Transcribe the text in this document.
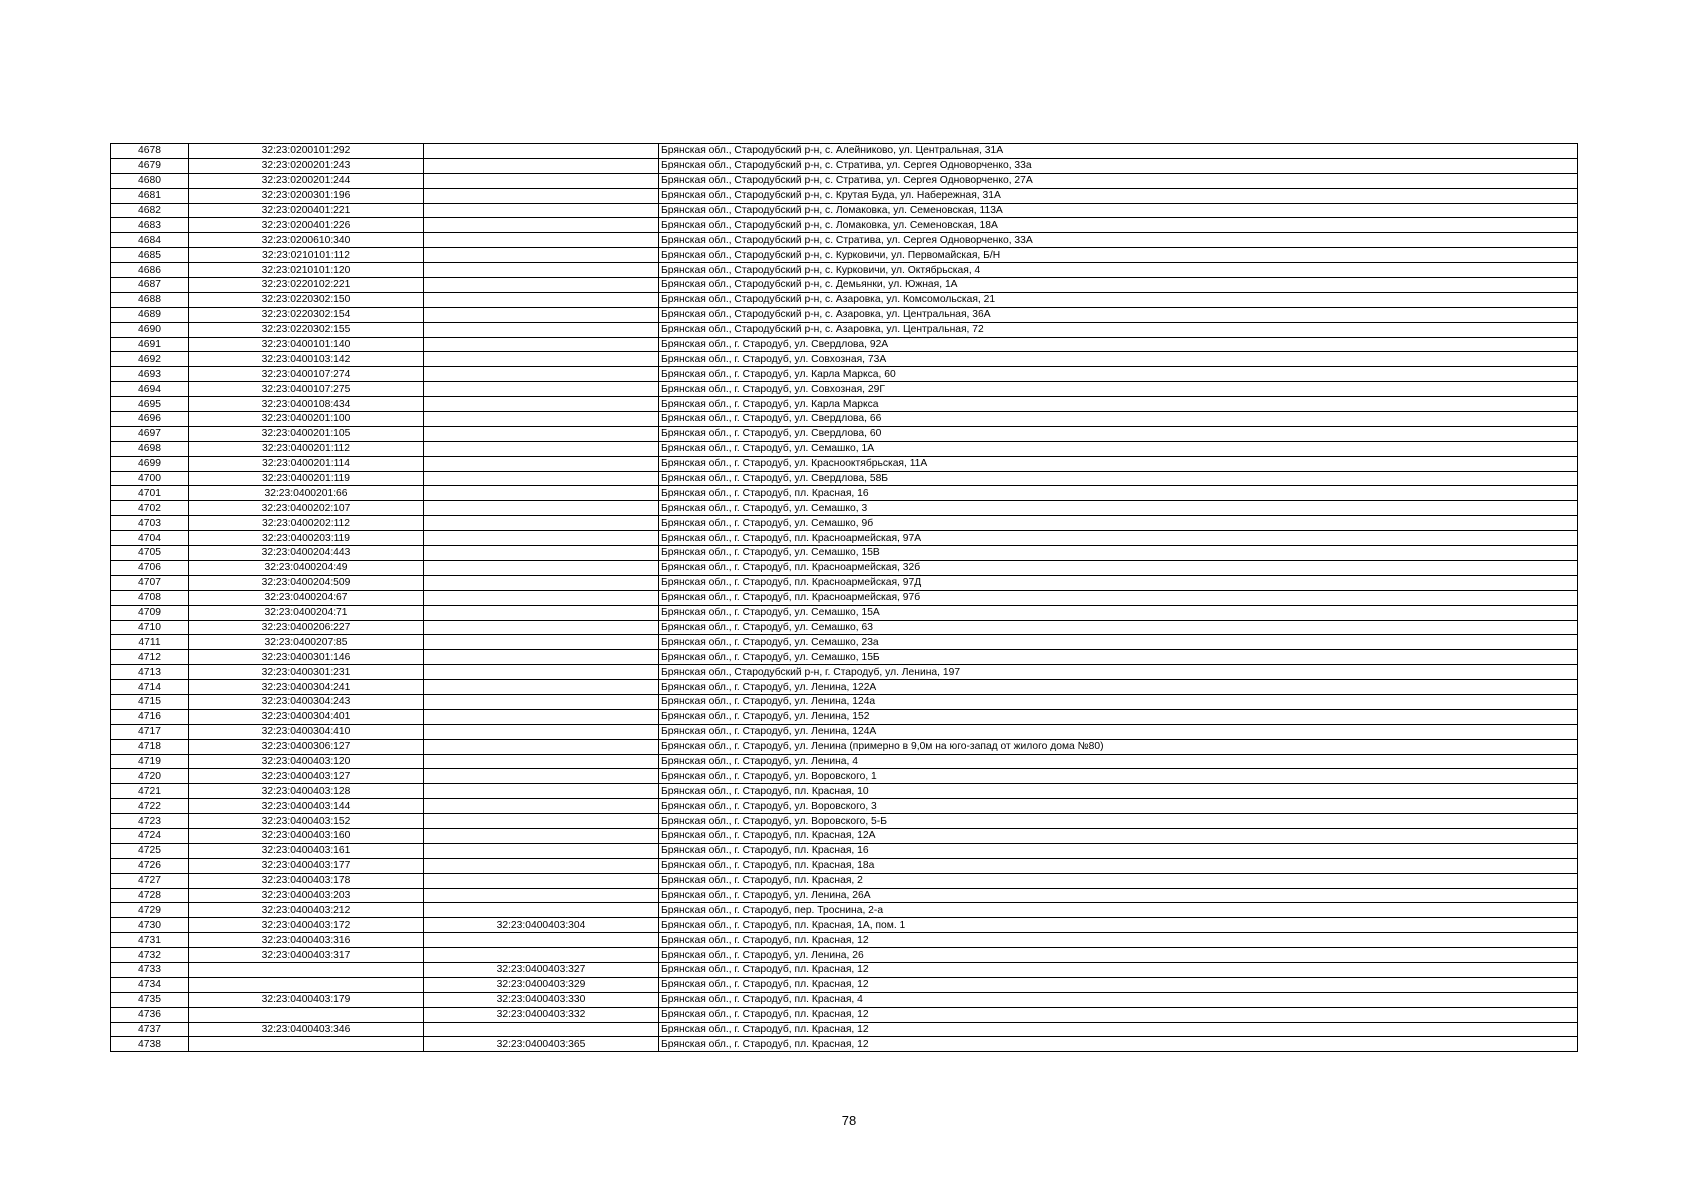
4678	32:23:0200101:292		Брянская обл., Стародубский р-н, с. Алейниково, ул. Центральная, 31А
4679	32:23:0200201:243		Брянская обл., Стародубский р-н, с. Стратива, ул. Сергея Одноворченко, 33а
4680	32:23:0200201:244		Брянская обл., Стародубский р-н, с. Стратива, ул. Сергея Одноворченко, 27А
4681	32:23:0200301:196		Брянская обл., Стародубский р-н, с. Крутая Буда, ул. Набережная, 31А
4682	32:23:0200401:221		Брянская обл., Стародубский р-н, с. Ломаковка, ул. Семеновская, 113А
4683	32:23:0200401:226		Брянская обл., Стародубский р-н, с. Ломаковка, ул. Семеновская, 18А
4684	32:23:0200610:340		Брянская обл., Стародубский р-н, с. Стратива, ул. Сергея Одноворченко, 33А
4685	32:23:0210101:112		Брянская обл., Стародубский р-н, с. Курковичи, ул. Первомайская, Б/Н
4686	32:23:0210101:120		Брянская обл., Стародубский р-н, с. Курковичи, ул. Октябрьская, 4
4687	32:23:0220102:221		Брянская обл., Стародубский р-н, с. Демьянки, ул. Южная, 1А
4688	32:23:0220302:150		Брянская обл., Стародубский р-н, с. Азаровка, ул. Комсомольская, 21
4689	32:23:0220302:154		Брянская обл., Стародубский р-н, с. Азаровка, ул. Центральная, 36А
4690	32:23:0220302:155		Брянская обл., Стародубский р-н, с. Азаровка, ул. Центральная, 72
4691	32:23:0400101:140		Брянская обл., г. Стародуб, ул. Свердлова, 92А
4692	32:23:0400103:142		Брянская обл., г. Стародуб, ул. Совхозная, 73А
4693	32:23:0400107:274		Брянская обл., г. Стародуб, ул. Карла Маркса, 60
4694	32:23:0400107:275		Брянская обл., г. Стародуб, ул. Совхозная, 29Г
4695	32:23:0400108:434		Брянская обл., г. Стародуб, ул. Карла Маркса
4696	32:23:0400201:100		Брянская обл., г. Стародуб, ул. Свердлова, 66
4697	32:23:0400201:105		Брянская обл., г. Стародуб, ул. Свердлова, 60
4698	32:23:0400201:112		Брянская обл., г. Стародуб, ул. Семашко, 1А
4699	32:23:0400201:114		Брянская обл., г. Стародуб, ул. Краснооктябрьская, 11А
4700	32:23:0400201:119		Брянская обл., г. Стародуб, ул. Свердлова, 58Б
4701	32:23:0400201:66		Брянская обл., г. Стародуб, пл. Красная, 16
4702	32:23:0400202:107		Брянская обл., г. Стародуб, ул. Семашко, 3
4703	32:23:0400202:112		Брянская обл., г. Стародуб, ул. Семашко, 9б
4704	32:23:0400203:119		Брянская обл., г. Стародуб, пл. Красноармейская, 97А
4705	32:23:0400204:443		Брянская обл., г. Стародуб, ул. Семашко, 15В
4706	32:23:0400204:49		Брянская обл., г. Стародуб, пл. Красноармейская, 32б
4707	32:23:0400204:509		Брянская обл., г. Стародуб, пл. Красноармейская, 97Д
4708	32:23:0400204:67		Брянская обл., г. Стародуб, пл. Красноармейская, 97б
4709	32:23:0400204:71		Брянская обл., г. Стародуб, ул. Семашко, 15А
4710	32:23:0400206:227		Брянская обл., г. Стародуб, ул. Семашко, 63
4711	32:23:0400207:85		Брянская обл., г. Стародуб, ул. Семашко, 23а
4712	32:23:0400301:146		Брянская обл., г. Стародуб, ул. Семашко, 15Б
4713	32:23:0400301:231		Брянская обл., Стародубский р-н, г. Стародуб, ул. Ленина, 197
4714	32:23:0400304:241		Брянская обл., г. Стародуб, ул. Ленина, 122А
4715	32:23:0400304:243		Брянская обл., г. Стародуб, ул. Ленина, 124а
4716	32:23:0400304:401		Брянская обл., г. Стародуб, ул. Ленина, 152
4717	32:23:0400304:410		Брянская обл., г. Стародуб, ул. Ленина, 124А
4718	32:23:0400306:127		Брянская обл., г. Стародуб, ул. Ленина (примерно в 9,0м на юго-запад от жилого дома №80)
4719	32:23:0400403:120		Брянская обл., г. Стародуб, ул. Ленина, 4
4720	32:23:0400403:127		Брянская обл., г. Стародуб, ул. Воровского, 1
4721	32:23:0400403:128		Брянская обл., г. Стародуб, пл. Красная, 10
4722	32:23:0400403:144		Брянская обл., г. Стародуб, ул. Воровского, 3
4723	32:23:0400403:152		Брянская обл., г. Стародуб, ул. Воровского, 5-Б
4724	32:23:0400403:160		Брянская обл., г. Стародуб, пл. Красная, 12А
4725	32:23:0400403:161		Брянская обл., г. Стародуб, пл. Красная, 16
4726	32:23:0400403:177		Брянская обл., г. Стародуб, пл. Красная, 18а
4727	32:23:0400403:178		Брянская обл., г. Стародуб, пл. Красная, 2
4728	32:23:0400403:203		Брянская обл., г. Стародуб, ул. Ленина, 26А
4729	32:23:0400403:212		Брянская обл., г. Стародуб, пер. Троснина, 2-а
4730	32:23:0400403:172	32:23:0400403:304	Брянская обл., г. Стародуб, пл. Красная, 1А, пом. 1
4731	32:23:0400403:316		Брянская обл., г. Стародуб, пл. Красная, 12
4732	32:23:0400403:317		Брянская обл., г. Стародуб, ул. Ленина, 26
4733		32:23:0400403:327	Брянская обл., г. Стародуб, пл. Красная, 12
4734		32:23:0400403:329	Брянская обл., г. Стародуб, пл. Красная, 12
4735	32:23:0400403:179	32:23:0400403:330	Брянская обл., г. Стародуб, пл. Красная, 4
4736		32:23:0400403:332	Брянская обл., г. Стародуб, пл. Красная, 12
4737	32:23:0400403:346		Брянская обл., г. Стародуб, пл. Красная, 12
4738		32:23:0400403:365	Брянская обл., г. Стародуб, пл. Красная, 12
78
